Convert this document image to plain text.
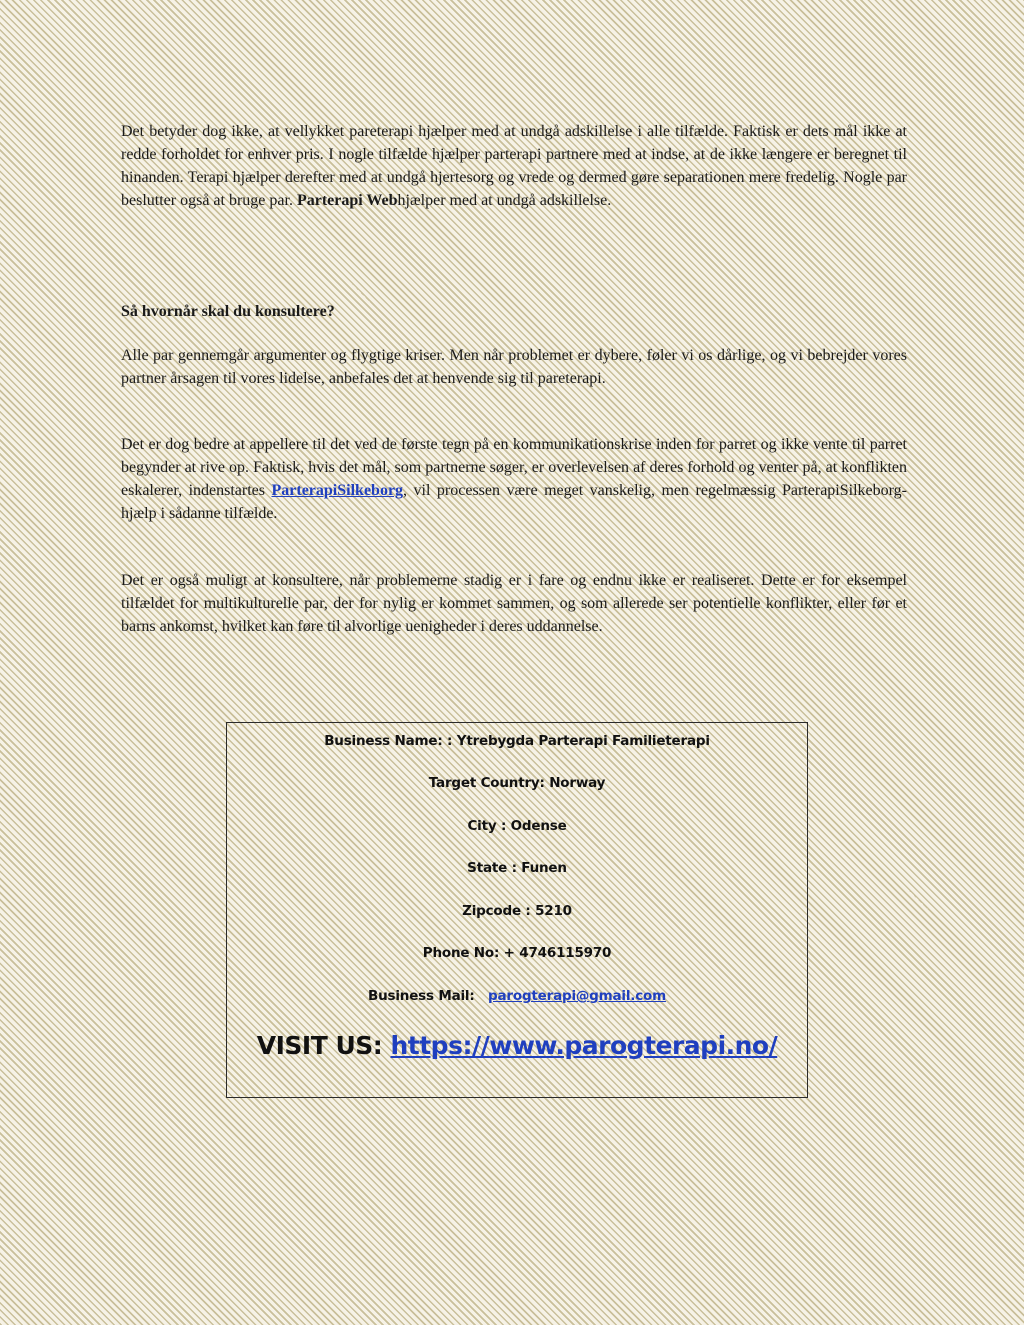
Det betyder dog ikke, at vellykket pareterapi hjælper med at undgå adskillelse i alle tilfælde. Faktisk er dets mål ikke at redde forholdet for enhver pris. I nogle tilfælde hjælper parterapi partnere med at indse, at de ikke længere er beregnet til hinanden. Terapi hjælper derefter med at undgå hjertesorg og vrede og dermed gøre separationen mere fredelig. Nogle par beslutter også at bruge par. Parterapi Webhjælper med at undgå adskillelse.

Så hvornår skal du konsultere?

Alle par gennemgår argumenter og flygtige kriser. Men når problemet er dybere, føler vi os dårlige, og vi bebrejder vores partner årsagen til vores lidelse, anbefales det at henvende sig til pareterapi.

Det er dog bedre at appellere til det ved de første tegn på en kommunikationskrise inden for parret og ikke vente til parret begynder at rive op. Faktisk, hvis det mål, som partnerne søger, er overlevelsen af deres forhold og venter på, at konflikten eskalerer, indenstartes ParterapiSilkeborg, vil processen være meget vanskelig, men regelmæssig ParterapiSilkeborg-hjælp i sådanne tilfælde.

Det er også muligt at konsultere, når problemerne stadig er i fare og endnu ikke er realiseret. Dette er for eksempel tilfældet for multikulturelle par, der for nylig er kommet sammen, og som allerede ser potentielle konflikter, eller før et barns ankomst, hvilket kan føre til alvorlige uenigheder i deres uddannelse.

Business Name: : Ytrebygda Parterapi Familieterapi
Target Country: Norway
City : Odense
State : Funen
Zipcode : 5210
Phone No: + 4746115970
Business Mail: parogterapi@gmail.com
VISIT US: https://www.parogterapi.no/
